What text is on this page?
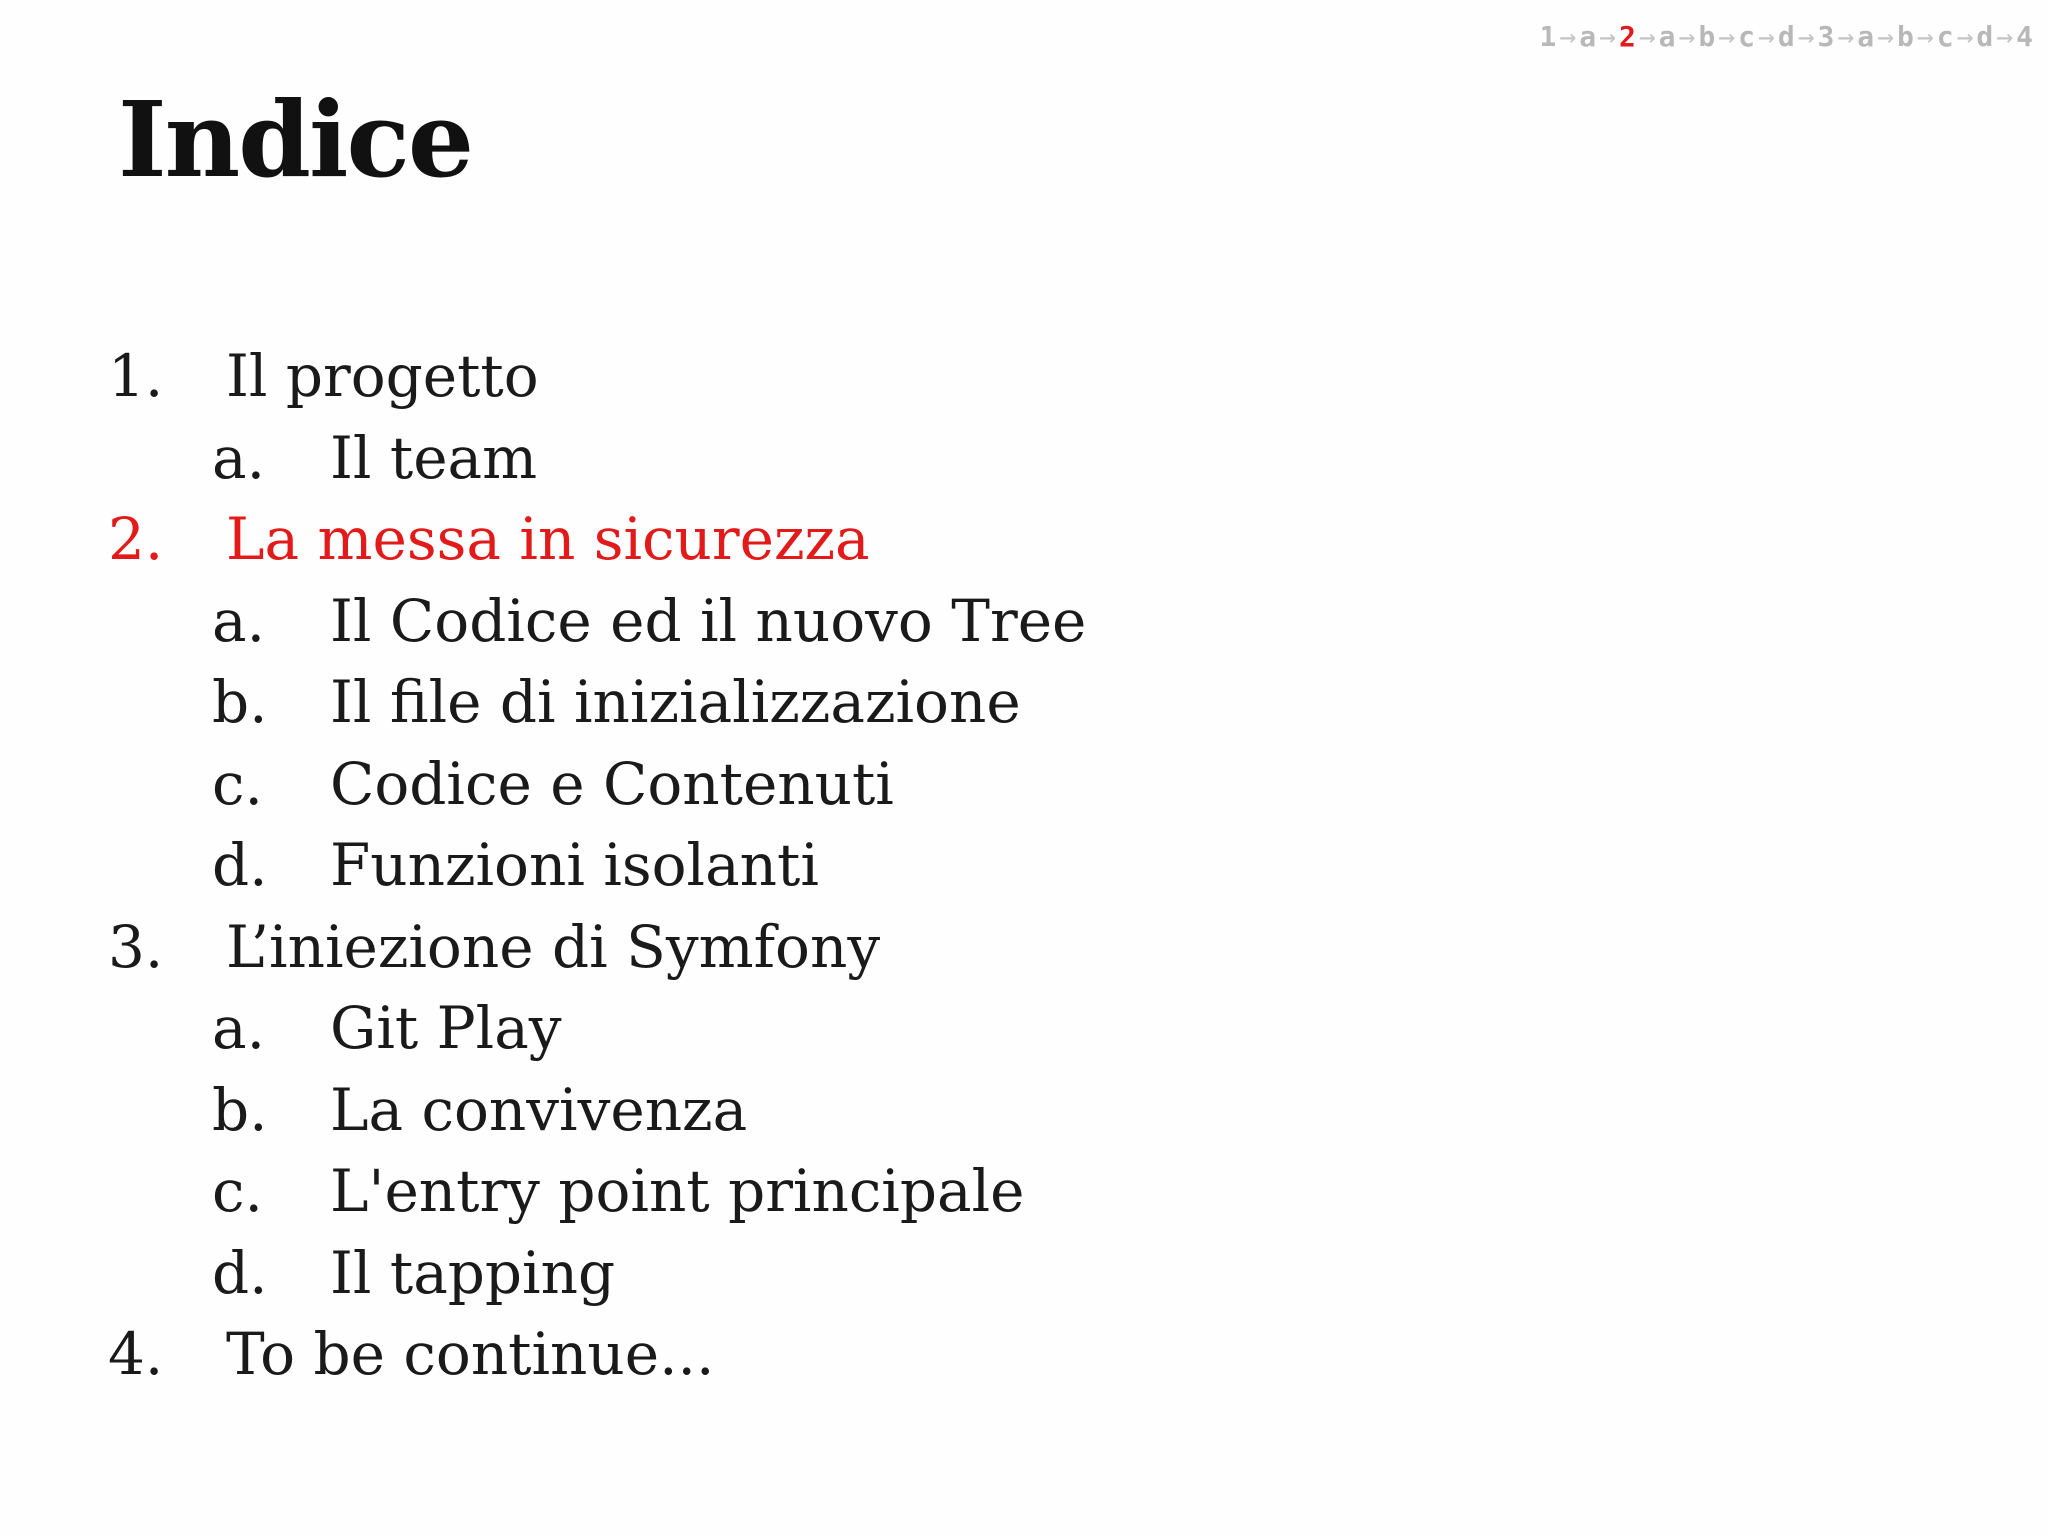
1→a→2→a→b→c→d→3→a→b→c→d→4
Indice
1.	Il progetto
a.	Il team
2.	La messa in sicurezza
a.	Il Codice ed il nuovo Tree
b.	Il file di inizializzazione
c.	Codice e Contenuti
d.	Funzioni isolanti
3.	L’iniezione di Symfony
a.	Git Play
b.	La convivenza
c.	L'entry point principale
d.	Il tapping
4.	To be continue...
